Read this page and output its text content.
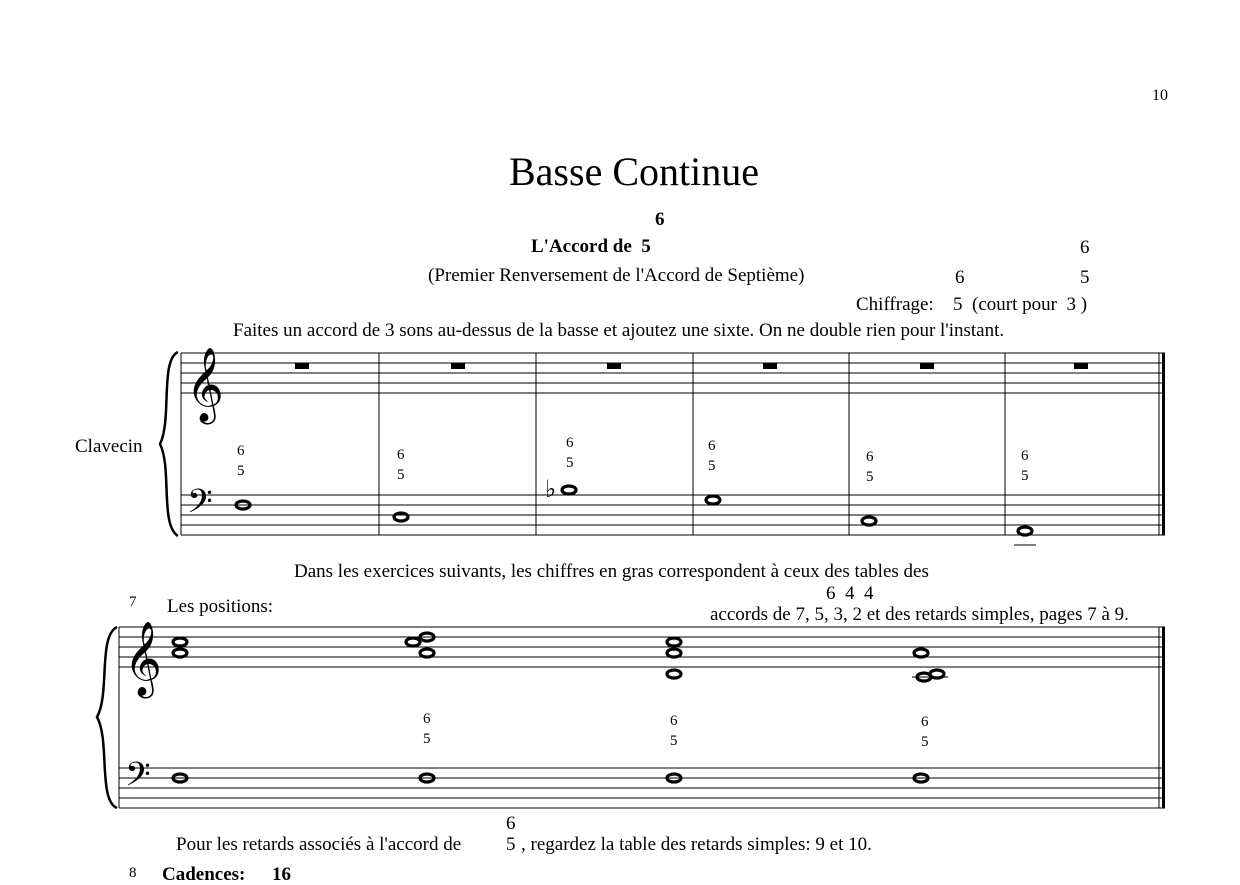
10
Basse Continue
6
L'Accord de  5	6
(Premier Renversement de l'Accord de Septième)	6	5
Chiffrage: 5  (court pour  3 )
Faites un accord de 3 sons au-dessus de la basse et ajoutez une sixte. On ne double rien pour l'instant.
Clavecin	6
5
6
5
6
5
6
5
6
5
6
5
Dans les exercices suivants, les chiffres en gras correspondent à ceux des tables des
6  4  4
accords de 7, 5, 3, 2 et des retards simples, pages 7 à 9.
7 Les positions:
6
5
6
5
6
5
6
Pour les retards associés à l'accord de 5 , regardez la table des retards simples: 9 et 10.
8 Cadences: 16
𝄞
𝄢
𝄞
𝄢
♭
